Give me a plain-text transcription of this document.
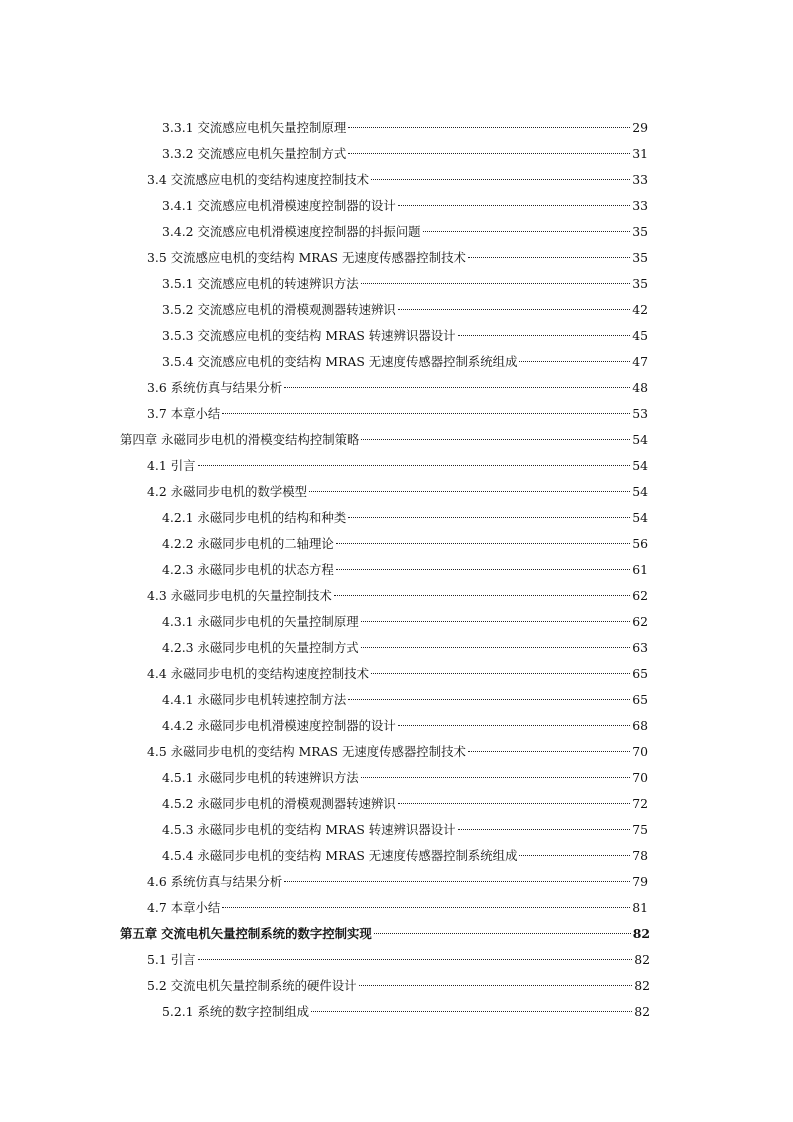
3.3.1 交流感应电机矢量控制原理	29
3.3.2 交流感应电机矢量控制方式	31
3.4 交流感应电机的变结构速度控制技术	33
3.4.1 交流感应电机滑模速度控制器的设计	33
3.4.2 交流感应电机滑模速度控制器的抖振问题	35
3.5 交流感应电机的变结构 MRAS 无速度传感器控制技术	35
3.5.1 交流感应电机的转速辨识方法	35
3.5.2 交流感应电机的滑模观测器转速辨识	42
3.5.3 交流感应电机的变结构 MRAS 转速辨识器设计	45
3.5.4 交流感应电机的变结构 MRAS 无速度传感器控制系统组成	47
3.6 系统仿真与结果分析	48
3.7 本章小结	53
第四章 永磁同步电机的滑模变结构控制策略	54
4.1 引言	54
4.2 永磁同步电机的数学模型	54
4.2.1 永磁同步电机的结构和种类	54
4.2.2 永磁同步电机的二轴理论	56
4.2.3 永磁同步电机的状态方程	61
4.3 永磁同步电机的矢量控制技术	62
4.3.1 永磁同步电机的矢量控制原理	62
4.2.3 永磁同步电机的矢量控制方式	63
4.4 永磁同步电机的变结构速度控制技术	65
4.4.1 永磁同步电机转速控制方法	65
4.4.2 永磁同步电机滑模速度控制器的设计	68
4.5 永磁同步电机的变结构 MRAS 无速度传感器控制技术	70
4.5.1 永磁同步电机的转速辨识方法	70
4.5.2 永磁同步电机的滑模观测器转速辨识	72
4.5.3 永磁同步电机的变结构 MRAS 转速辨识器设计	75
4.5.4 永磁同步电机的变结构 MRAS 无速度传感器控制系统组成	78
4.6 系统仿真与结果分析	79
4.7 本章小结	81
第五章 交流电机矢量控制系统的数字控制实现	82
5.1 引言	82
5.2 交流电机矢量控制系统的硬件设计	82
5.2.1 系统的数字控制组成	82
